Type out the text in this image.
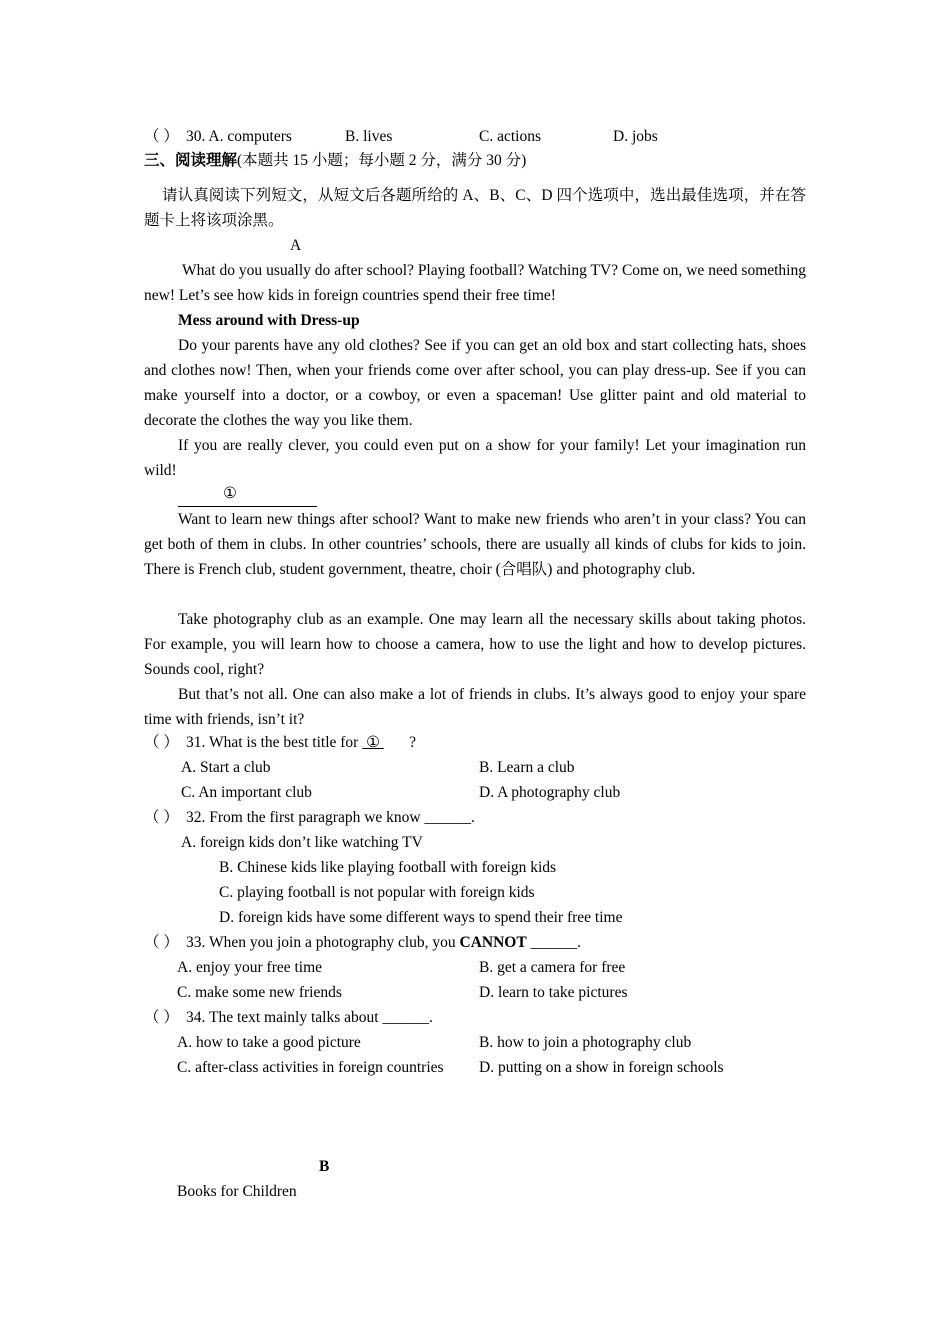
（ ） 30. A. computers	B. lives	C. actions	D. jobs
三、阅读理解(本题共 15 小题；每小题 2 分，满分 30 分)
请认真阅读下列短文，从短文后各题所给的 A、B、C、D 四个选项中，选出最佳选项，并在答题卡上将该项涂黑。
A
What do you usually do after school? Playing football? Watching TV? Come on, we need something new! Let’s see how kids in foreign countries spend their free time!
Mess around with Dress-up
Do your parents have any old clothes? See if you can get an old box and start collecting hats, shoes and clothes now! Then, when your friends come over after school, you can play dress-up. See if you can make yourself into a doctor, or a cowboy, or even a spaceman! Use glitter paint and old material to decorate the clothes the way you like them.
If you are really clever, you could even put on a show for your family! Let your imagination run wild!
①
Want to learn new things after school? Want to make new friends who aren’t in your class? You can get both of them in clubs. In other countries’ schools, there are usually all kinds of clubs for kids to join. There is French club, student government, theatre, choir (合唱队) and photography club.
Take photography club as an example. One may learn all the necessary skills about taking photos. For example, you will learn how to choose a camera, how to use the light and how to develop pictures. Sounds cool, right?
But that’s not all. One can also make a lot of friends in clubs. It’s always good to enjoy your spare time with friends, isn’t it?
（ ） 31. What is the best title for  ①  ?
A. Start a club	B. Learn a club
C. An important club	D. A photography club
（ ） 32. From the first paragraph we know ______.
A. foreign kids don’t like watching TV
B. Chinese kids like playing football with foreign kids
C. playing football is not popular with foreign kids
D. foreign kids have some different ways to spend their free time
（ ） 33. When you join a photography club, you CANNOT ______.
A. enjoy your free time	B. get a camera for free
C. make some new friends	D. learn to take pictures
（ ） 34. The text mainly talks about ______.
A. how to take a good picture	B. how to join a photography club
C. after-class activities in foreign countries D. putting on a show in foreign schools
B
Books for Children
